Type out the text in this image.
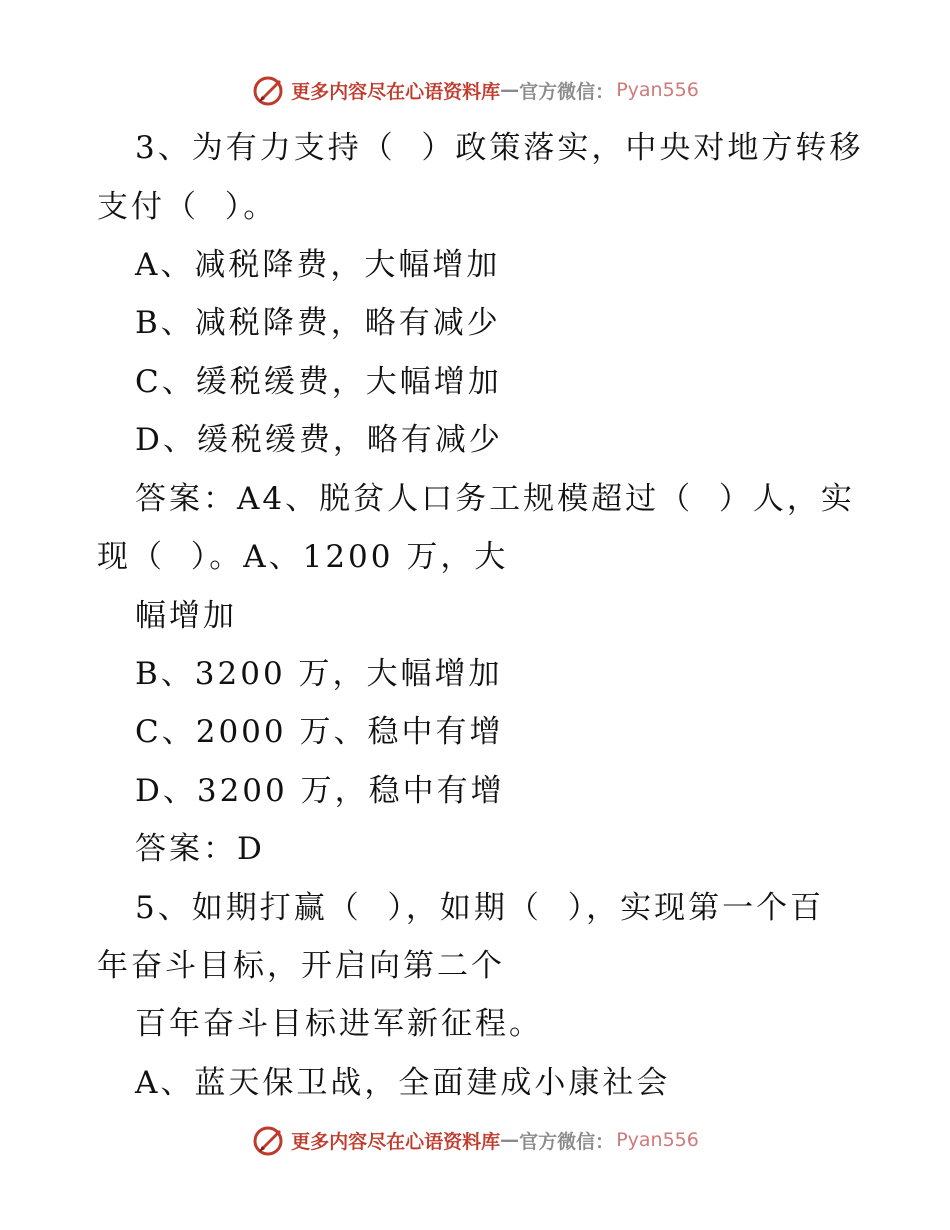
更多内容尽在心语资料库 — 官方微信： Pyan556
3、为有力支持（  ）政策落实，中央对地方转移
支付（  ）。
A、减税降费，大幅增加
B、减税降费，略有减少
C、缓税缓费，大幅增加
D、缓税缓费，略有减少
答案：A4、脱贫人口务工规模超过（  ）人，实
现（  ）。A、1200 万，大
幅增加
B、3200 万，大幅增加
C、2000 万、稳中有增
D、3200 万，稳中有增
答案：D
5、如期打赢（  ），如期（  ），实现第一个百
年奋斗目标，开启向第二个
百年奋斗目标进军新征程。
A、蓝天保卫战，全面建成小康社会
更多内容尽在心语资料库 — 官方微信： Pyan556
